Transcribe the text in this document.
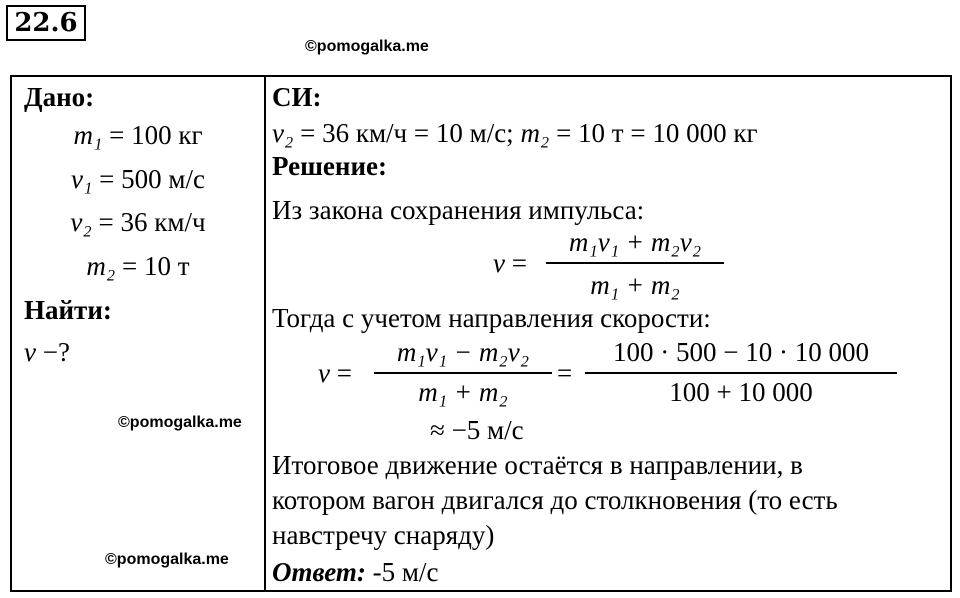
22.6
©pomogalka.me
Дано:
m₁ = 100 кг
v₁ = 500 м/с
v₂ = 36 км/ч
m₂ = 10 т
Найти:
v −?
©pomogalka.me
©pomogalka.me
СИ:
v₂ = 36 км/ч = 10 м/с; m₂ = 10 т = 10 000 кг
Решение:
Из закона сохранения импульса:
v =
m₁v₁ + m₂v₂
m₁ + m₂
Тогда с учетом направления скорости:
v =
m₁v₁ − m₂v₂
m₁ + m₂
=
100 · 500 − 10 · 10 000
100 + 10 000
≈ −5 м/с
Итоговое движение остаётся в направлении, в
котором вагон двигался до столкновения (то есть
навстречу снаряду)
Ответ: -5 м/с
